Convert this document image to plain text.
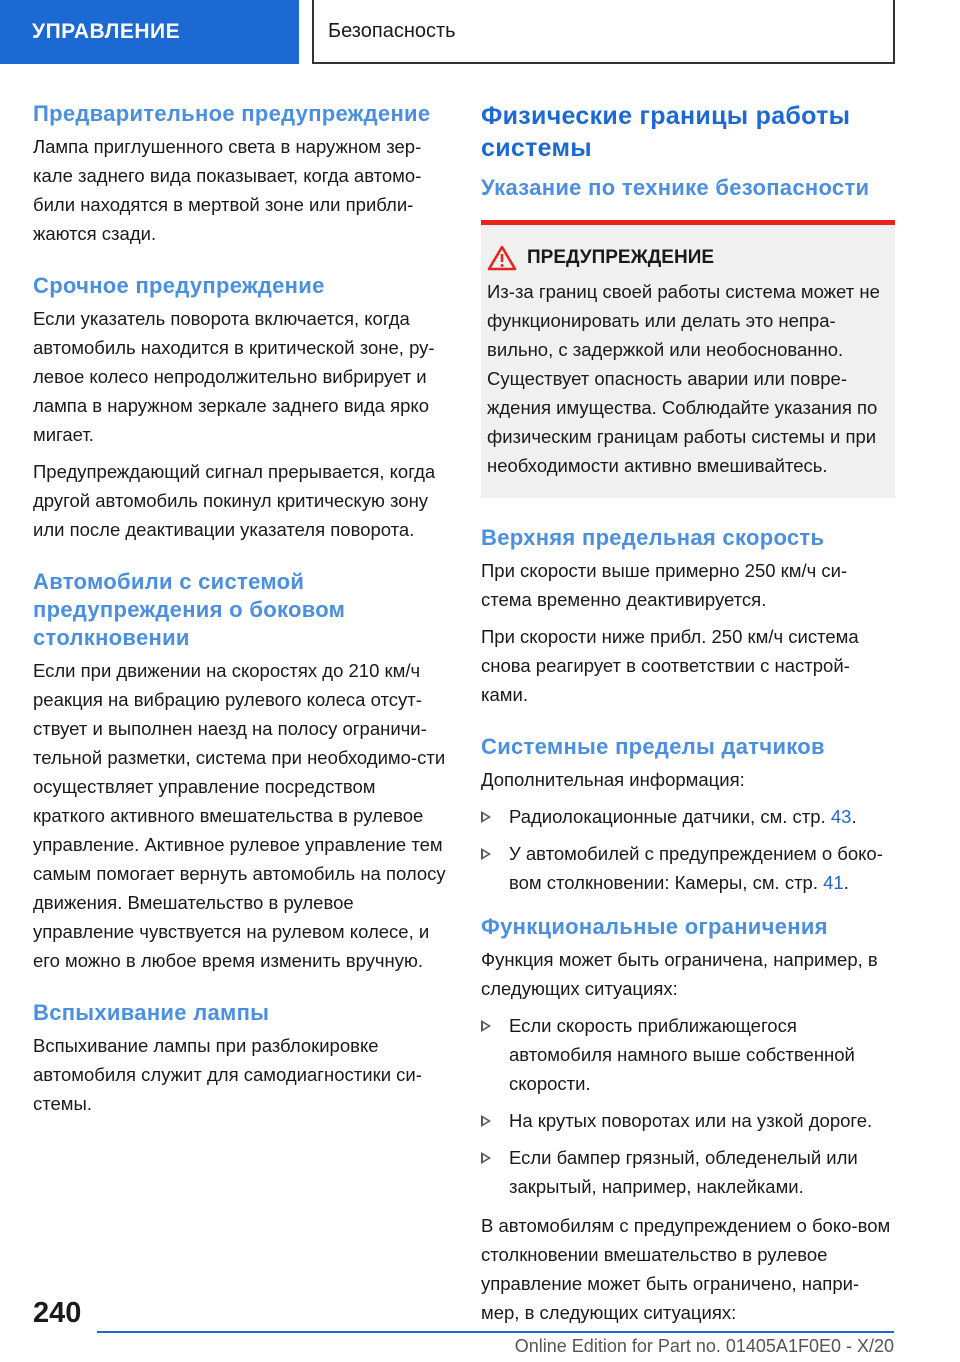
УПРАВЛЕНИЕ	Безопасность
Предварительное предупреждение

Лампа приглушенного света в наружном зер-кале заднего вида показывает, когда автомо-били находятся в мертвой зоне или прибли-жаются сзади.

Срочное предупреждение

Если указатель поворота включается, когда автомобиль находится в критической зоне, ру-левое колесо непродолжительно вибрирует и лампа в наружном зеркале заднего вида ярко мигает.

Предупреждающий сигнал прерывается, когда другой автомобиль покинул критическую зону или после деактивации указателя поворота.

Автомобили с системой предупреждения о боковом столкновении

Если при движении на скоростях до 210 км/ч реакция на вибрацию рулевого колеса отсут-ствует и выполнен наезд на полосу ограничи-тельной разметки, система при необходимо-сти осуществляет управление посредством краткого активного вмешательства в рулевое управление. Активное рулевое управление тем самым помогает вернуть автомобиль на полосу движения. Вмешательство в рулевое управление чувствуется на рулевом колесе, и его можно в любое время изменить вручную.

Вспыхивание лампы

Вспыхивание лампы при разблокировке автомобиля служит для самодиагностики си-стемы.

Физические границы работы системы
Указание по технике безопасности
ПРЕДУПРЕЖДЕНИЕ

Из-за границ своей работы система может не функционировать или делать это непра-вильно, с задержкой или необоснованно. Существует опасность аварии или повре-ждения имущества. Соблюдайте указания по физическим границам работы системы и при необходимости активно вмешивайтесь.

Верхняя предельная скорость

При скорости выше примерно 250 км/ч си-стема временно деактивируется.

При скорости ниже прибл. 250 км/ч система снова реагирует в соответствии с настрой-ками.

Системные пределы датчиков

Дополнительная информация:

Радиолокационные датчики, см. стр. 43.
У автомобилей с предупреждением о боко-вом столкновении: Камеры, см. стр. 41.
Функциональные ограничения

Функция может быть ограничена, например, в следующих ситуациях:

Если скорость приближающегося автомобиля намного выше собственной скорости.
На крутых поворотах или на узкой дороге.
Если бампер грязный, обледенелый или закрытый, например, наклейками.

В автомобилям с предупреждением о боко-вом столкновении вмешательство в рулевое управление может быть ограничено, напри-мер, в следующих ситуациях:

240
Online Edition for Part no. 01405A1F0E0 - X/20
